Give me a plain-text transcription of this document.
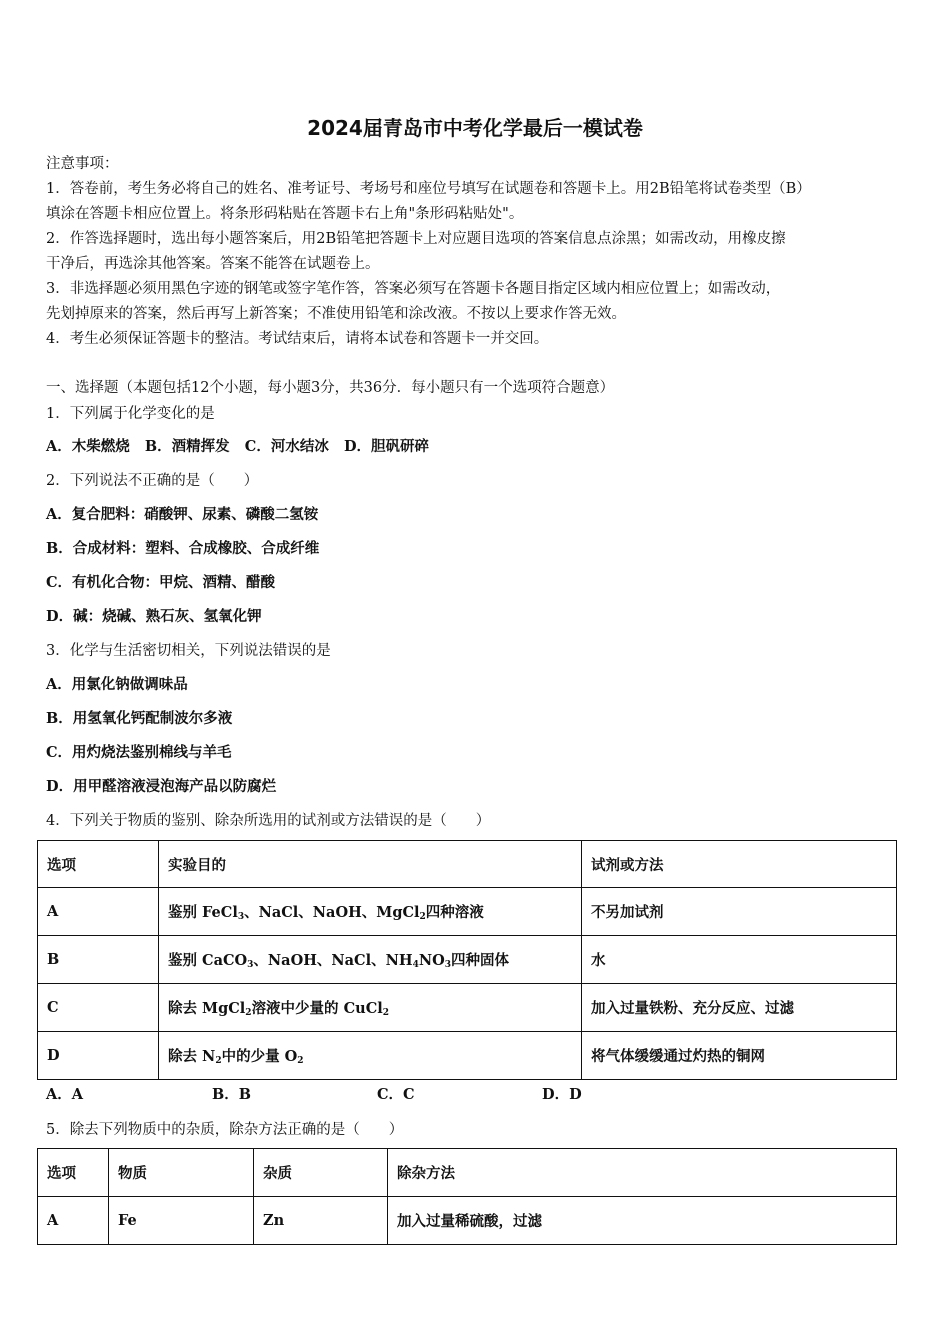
2024届青岛市中考化学最后一模试卷
注意事项：
1．答卷前，考生务必将自己的姓名、准考证号、考场号和座位号填写在试题卷和答题卡上。用2B铅笔将试卷类型（B）
填涂在答题卡相应位置上。将条形码粘贴在答题卡右上角"条形码粘贴处"。
2．作答选择题时，选出每小题答案后，用2B铅笔把答题卡上对应题目选项的答案信息点涂黑；如需改动，用橡皮擦
干净后，再选涂其他答案。答案不能答在试题卷上。
3．非选择题必须用黑色字迹的钢笔或签字笔作答，答案必须写在答题卡各题目指定区域内相应位置上；如需改动，
先划掉原来的答案，然后再写上新答案；不准使用铅笔和涂改液。不按以上要求作答无效。
4．考生必须保证答题卡的整洁。考试结束后，请将本试卷和答题卡一并交回。
一、选择题（本题包括12个小题，每小题3分，共36分．每小题只有一个选项符合题意）
1．下列属于化学变化的是
A．木柴燃烧   B．酒精挥发   C．河水结冰   D．胆矾研碎
2．下列说法不正确的是（　　）
A．复合肥料：硝酸钾、尿素、磷酸二氢铵
B．合成材料：塑料、合成橡胶、合成纤维
C．有机化合物：甲烷、酒精、醋酸
D．碱：烧碱、熟石灰、氢氧化钾
3．化学与生活密切相关，下列说法错误的是
A．用氯化钠做调味品
B．用氢氧化钙配制波尔多液
C．用灼烧法鉴别棉线与羊毛
D．用甲醛溶液浸泡海产品以防腐烂
4．下列关于物质的鉴别、除杂所选用的试剂或方法错误的是（　　）
选项	实验目的	试剂或方法
A	鉴别 FeCl$_3$、NaCl、NaOH、MgCl$_2$四种溶液	不另加试剂
B	鉴别 CaCO$_3$、NaOH、NaCl、$NH_4NO_3$四种固体	水
C	除去 MgCl$_2$溶液中少量的 CuCl$_2$	加入过量铁粉、充分反应、过滤
D	除去 $N_2$中的少量 $O_2$	将气体缓缓通过灼热的铜网
A．A	B．B	C．C	D．D
5．除去下列物质中的杂质，除杂方法正确的是（　　）
选项	物质	杂质	除杂方法
A	Fe	Zn	加入过量稀硫酸，过滤
